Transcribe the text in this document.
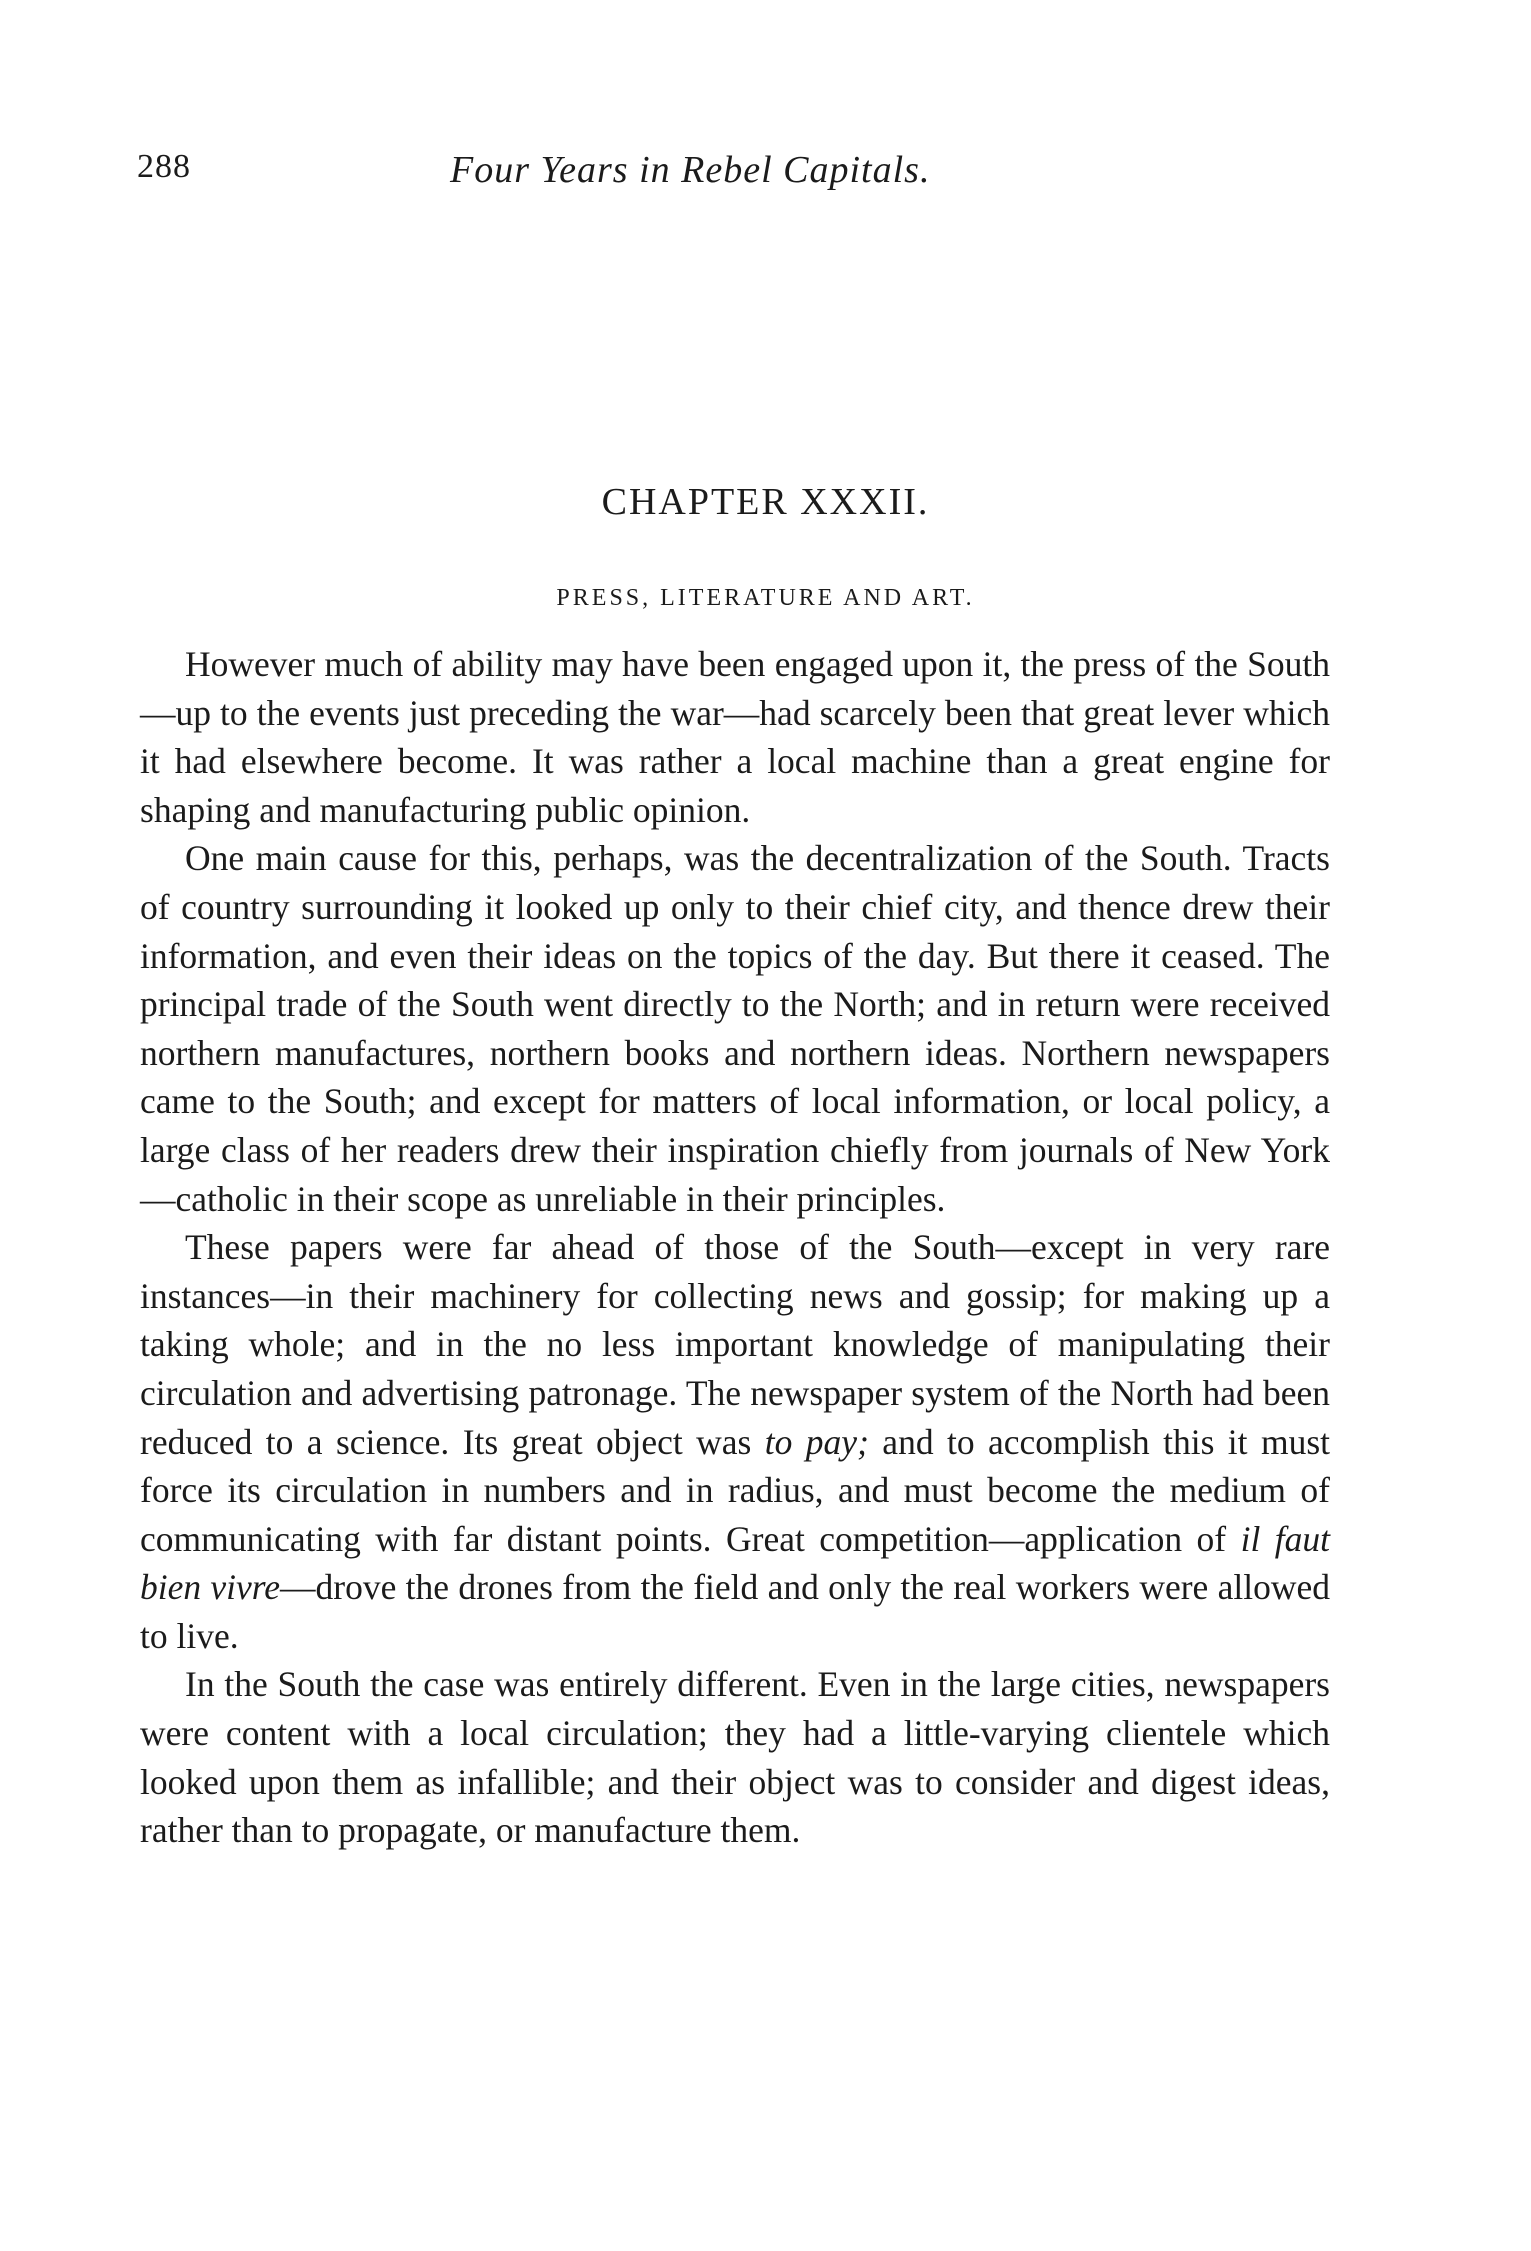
288	Four Years in Rebel Capitals.
CHAPTER XXXII.
PRESS, LITERATURE AND ART.

However much of ability may have been engaged upon it, the press of the South—up to the events just preceding the war—had scarcely been that great lever which it had elsewhere become. It was rather a local machine than a great engine for shaping and manufacturing public opinion.

One main cause for this, perhaps, was the decentralization of the South. Tracts of country surrounding it looked up only to their chief city, and thence drew their information, and even their ideas on the topics of the day. But there it ceased. The principal trade of the South went directly to the North; and in return were received northern manufactures, northern books and northern ideas. Northern newspapers came to the South; and except for matters of local information, or local policy, a large class of her readers drew their inspiration chiefly from journals of New York—catholic in their scope as unreliable in their principles.

These papers were far ahead of those of the South—except in very rare instances—in their machinery for collecting news and gossip; for making up a taking whole; and in the no less important knowledge of manipulating their circulation and advertising patronage. The newspaper system of the North had been reduced to a science. Its great object was to pay; and to accomplish this it must force its circulation in numbers and in radius, and must become the medium of communicating with far distant points. Great competition—application of il faut bien vivre—drove the drones from the field and only the real workers were allowed to live.

In the South the case was entirely different. Even in the large cities, newspapers were content with a local circulation; they had a little-varying clientele which looked upon them as infallible; and their object was to consider and digest ideas, rather than to propagate, or manufacture them.
